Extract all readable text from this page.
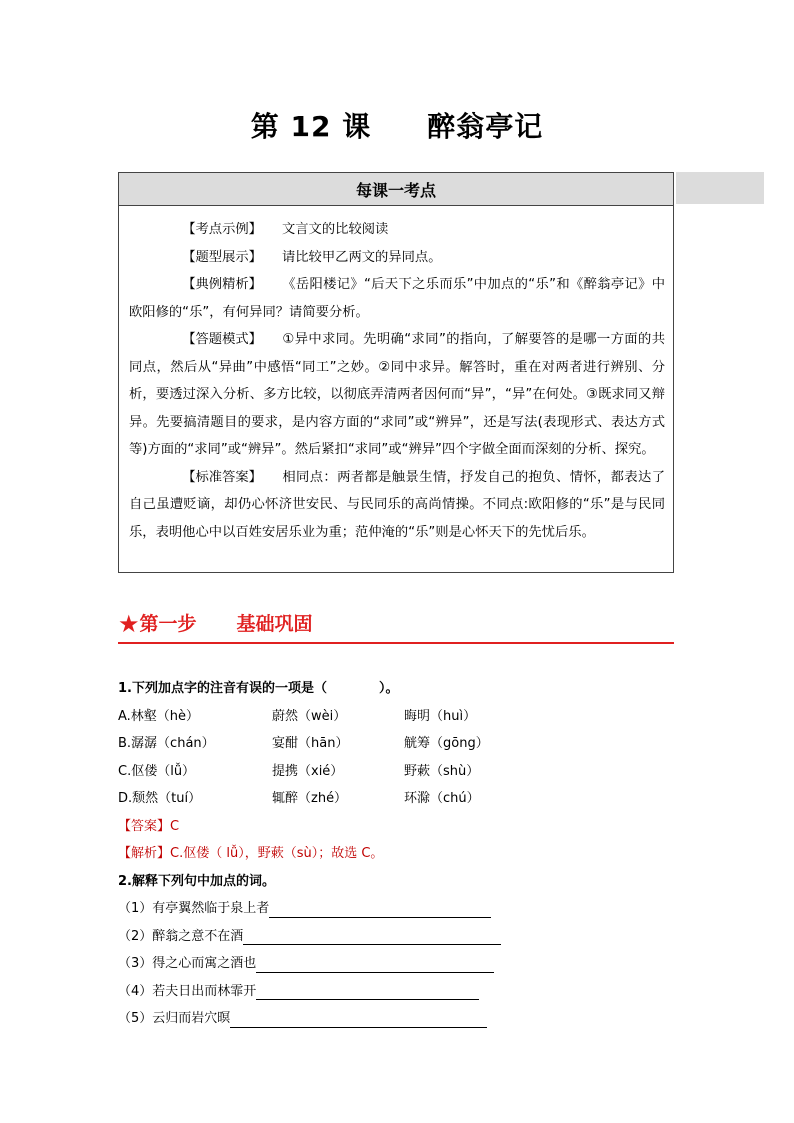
第 12 课 醉翁亭记
每课一考点

【考点示例】 文言文的比较阅读

【题型展示】 请比较甲乙两文的异同点。

【典例精析】 《岳阳楼记》“后天下之乐而乐”中加点的“乐”和《醉翁亭记》中欧阳修的“乐”，有何异同？请简要分析。

【答题模式】 ①异中求同。先明确“求同”的指向，了解要答的是哪一方面的共同点，然后从“异曲”中感悟“同工”之妙。②同中求异。解答时，重在对两者进行辨别、分析，要透过深入分析、多方比较，以彻底弄清两者因何而“异”，“异”在何处。③既求同又辩异。先要搞清题目的要求，是内容方面的“求同”或“辨异”，还是写法(表现形式、表达方式等)方面的“求同”或“辨异”。然后紧扣“求同”或“辨异”四个字做全面而深刻的分析、探究。

【标准答案】 相同点：两者都是触景生情，抒发自己的抱负、情怀，都表达了自己虽遭贬谪，却仍心怀济世安民、与民同乐的高尚情操。不同点:欧阳修的“乐”是与民同乐，表明他心中以百姓安居乐业为重；范仲淹的“乐”则是心怀天下的先忧后乐。

★第一步 基础巩固
1.下列加点字的注音有误的一项是（　　　　）。
A.林壑（hè）	蔚然（wèi）	晦明（huì）
B.潺潺（chán）	宴酣（hān）	觥筹（gōng）
C.伛偻（lǚ）	提携（xié）	野蔌（shù）
D.颓然（tuí）	辄醉（zhé）	环滁（chú）
【答案】C
【解析】C.伛偻（ lǚ），野蔌（sù）；故选 C。
2.解释下列句中加点的词。
（1）有亭翼然临于泉上者
（2）醉翁之意不在酒
（3）得之心而寓之酒也
（4）若夫日出而林霏开
（5）云归而岩穴暝
